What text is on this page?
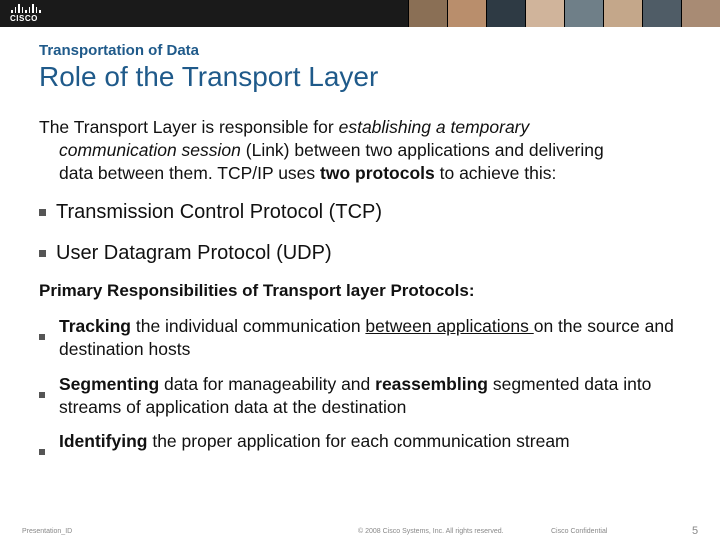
CISCO
Transportation of Data
Role of the Transport Layer
The Transport Layer is responsible for establishing a temporary
communication session (Link) between two applications and delivering
data between them. TCP/IP uses two protocols to achieve this:
Transmission Control Protocol (TCP)
User Datagram Protocol (UDP)
Primary Responsibilities of Transport layer Protocols:
Tracking the individual communication between applications on the source and destination hosts
Segmenting data for manageability and reassembling segmented data into streams of application data at the destination
Identifying the proper application for each communication stream
Presentation_ID	© 2008 Cisco Systems, Inc. All rights reserved.	Cisco Confidential	5
